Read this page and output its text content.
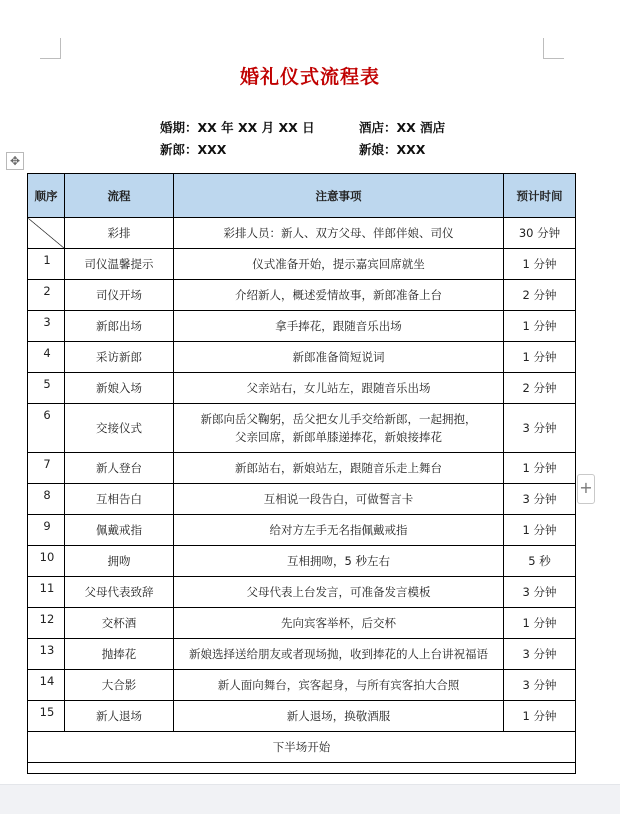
婚礼仪式流程表
婚期：XX 年 XX 月 XX 日	酒店：XX 酒店
新郎：XXX	新娘：XXX
✥
+
顺序	流程	注意事项	预计时间
	彩排	彩排人员：新人、双方父母、伴郎伴娘、司仪	30 分钟
1	司仪温馨提示	仪式准备开始，提示嘉宾回席就坐	1 分钟
2	司仪开场	介绍新人，概述爱情故事，新郎准备上台	2 分钟
3	新郎出场	拿手捧花，跟随音乐出场	1 分钟
4	采访新郎	新郎准备简短说词	1 分钟
5	新娘入场	父亲站右，女儿站左，跟随音乐出场	2 分钟
6	交接仪式	新郎向岳父鞠躬，岳父把女儿手交给新郎，一起拥抱，
父亲回席，新郎单膝递捧花，新娘接捧花	3 分钟
7	新人登台	新郎站右，新娘站左，跟随音乐走上舞台	1 分钟
8	互相告白	互相说一段告白，可做誓言卡	3 分钟
9	佩戴戒指	给对方左手无名指佩戴戒指	1 分钟
10	拥吻	互相拥吻，5 秒左右	5 秒
11	父母代表致辞	父母代表上台发言，可准备发言模板	3 分钟
12	交杯酒	先向宾客举杯，后交杯	1 分钟
13	抛捧花	新娘选择送给朋友或者现场抛，收到捧花的人上台讲祝福语	3 分钟
14	大合影	新人面向舞台，宾客起身，与所有宾客拍大合照	3 分钟
15	新人退场	新人退场，换敬酒服	1 分钟
下半场开始			
